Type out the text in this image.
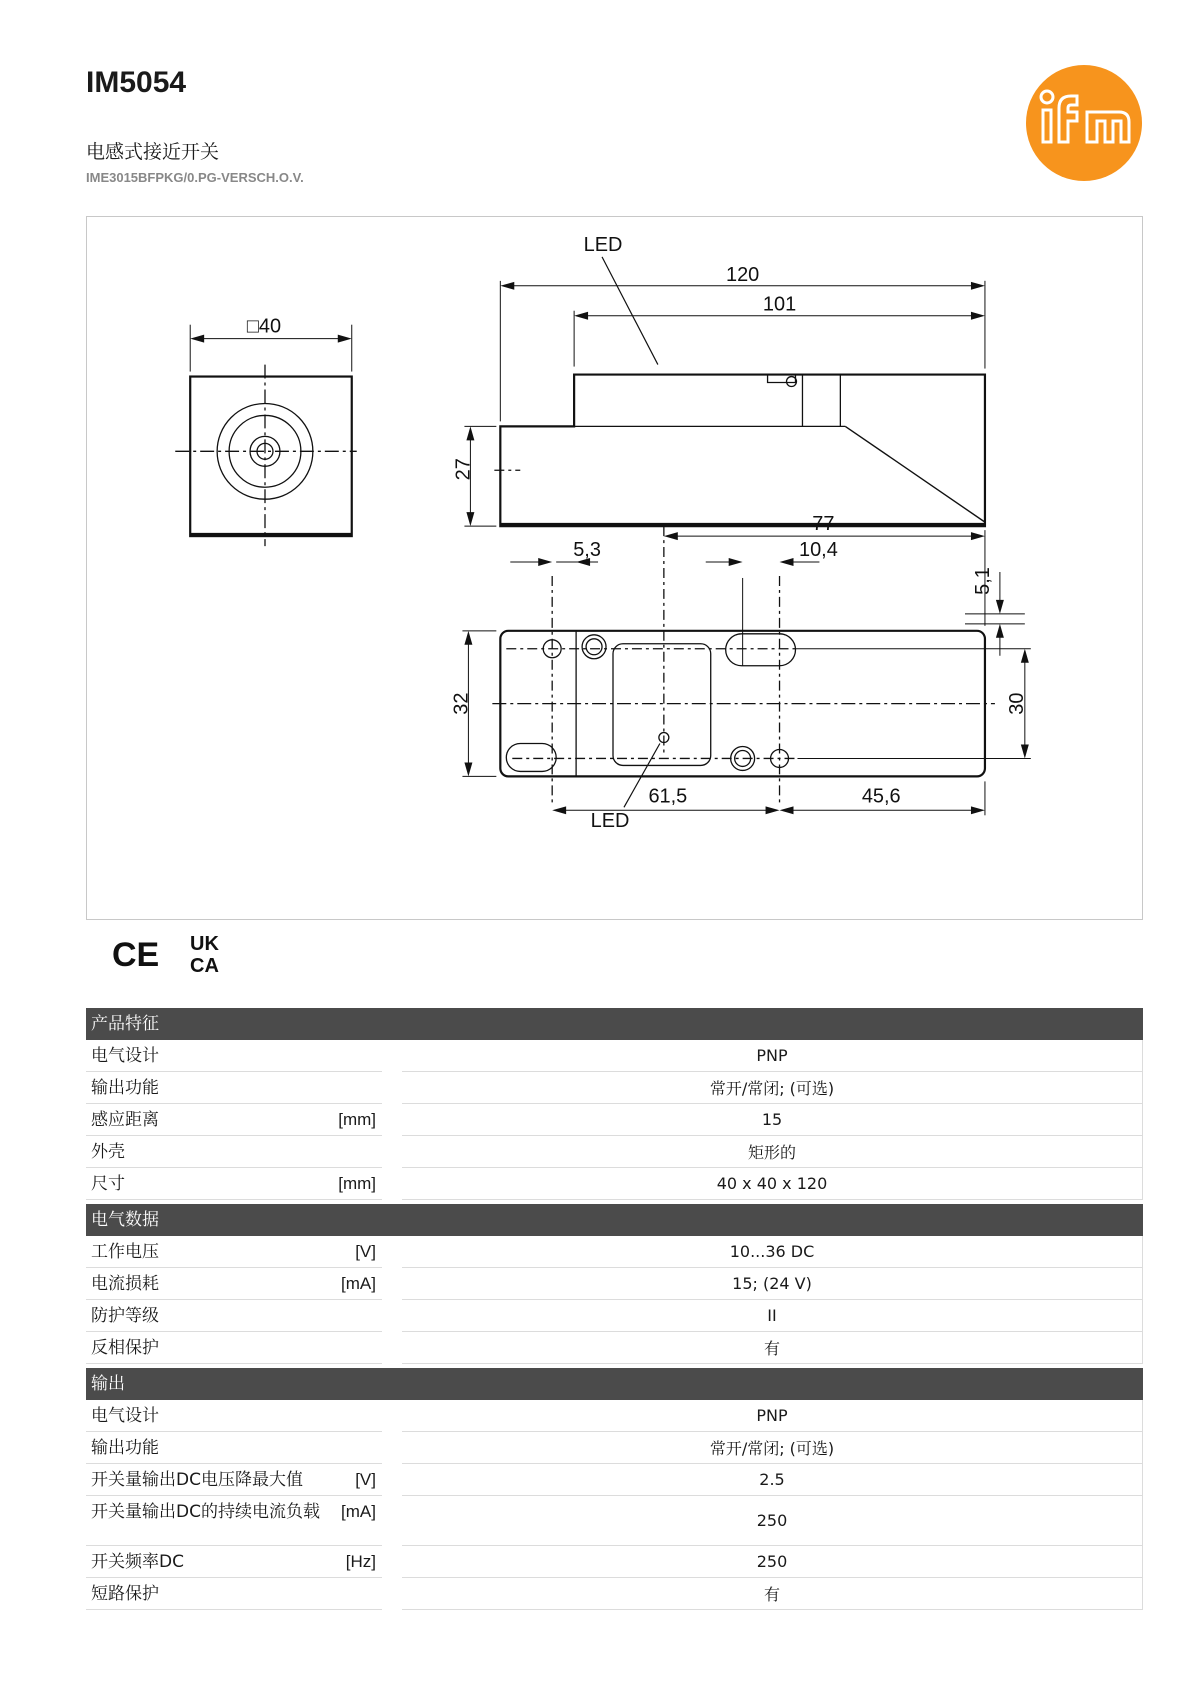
IM5054
电感式接近开关
IME3015BFPKG/0.PG-VERSCH.O.V.
□40
LED
120
101
27
77
5,3	10,4
5,1
32	30
61,5	45,6
LED
CE UK
CA
产品特征
电气设计	PNP
输出功能	常开/常闭; (可选)
感应距离	[mm]	15
外壳	矩形的
尺寸	[mm]	40 x 40 x 120
电气数据
工作电压	[V]	10...36 DC
电流损耗	[mA]	15; (24 V)
防护等级	II
反相保护	有
输出
电气设计	PNP
输出功能	常开/常闭; (可选)
开关量输出DC电压降最大值	[V]	2.5
开关量输出DC的持续电流负载 [mA]	250
开关频率DC	[Hz]	250
短路保护	有
